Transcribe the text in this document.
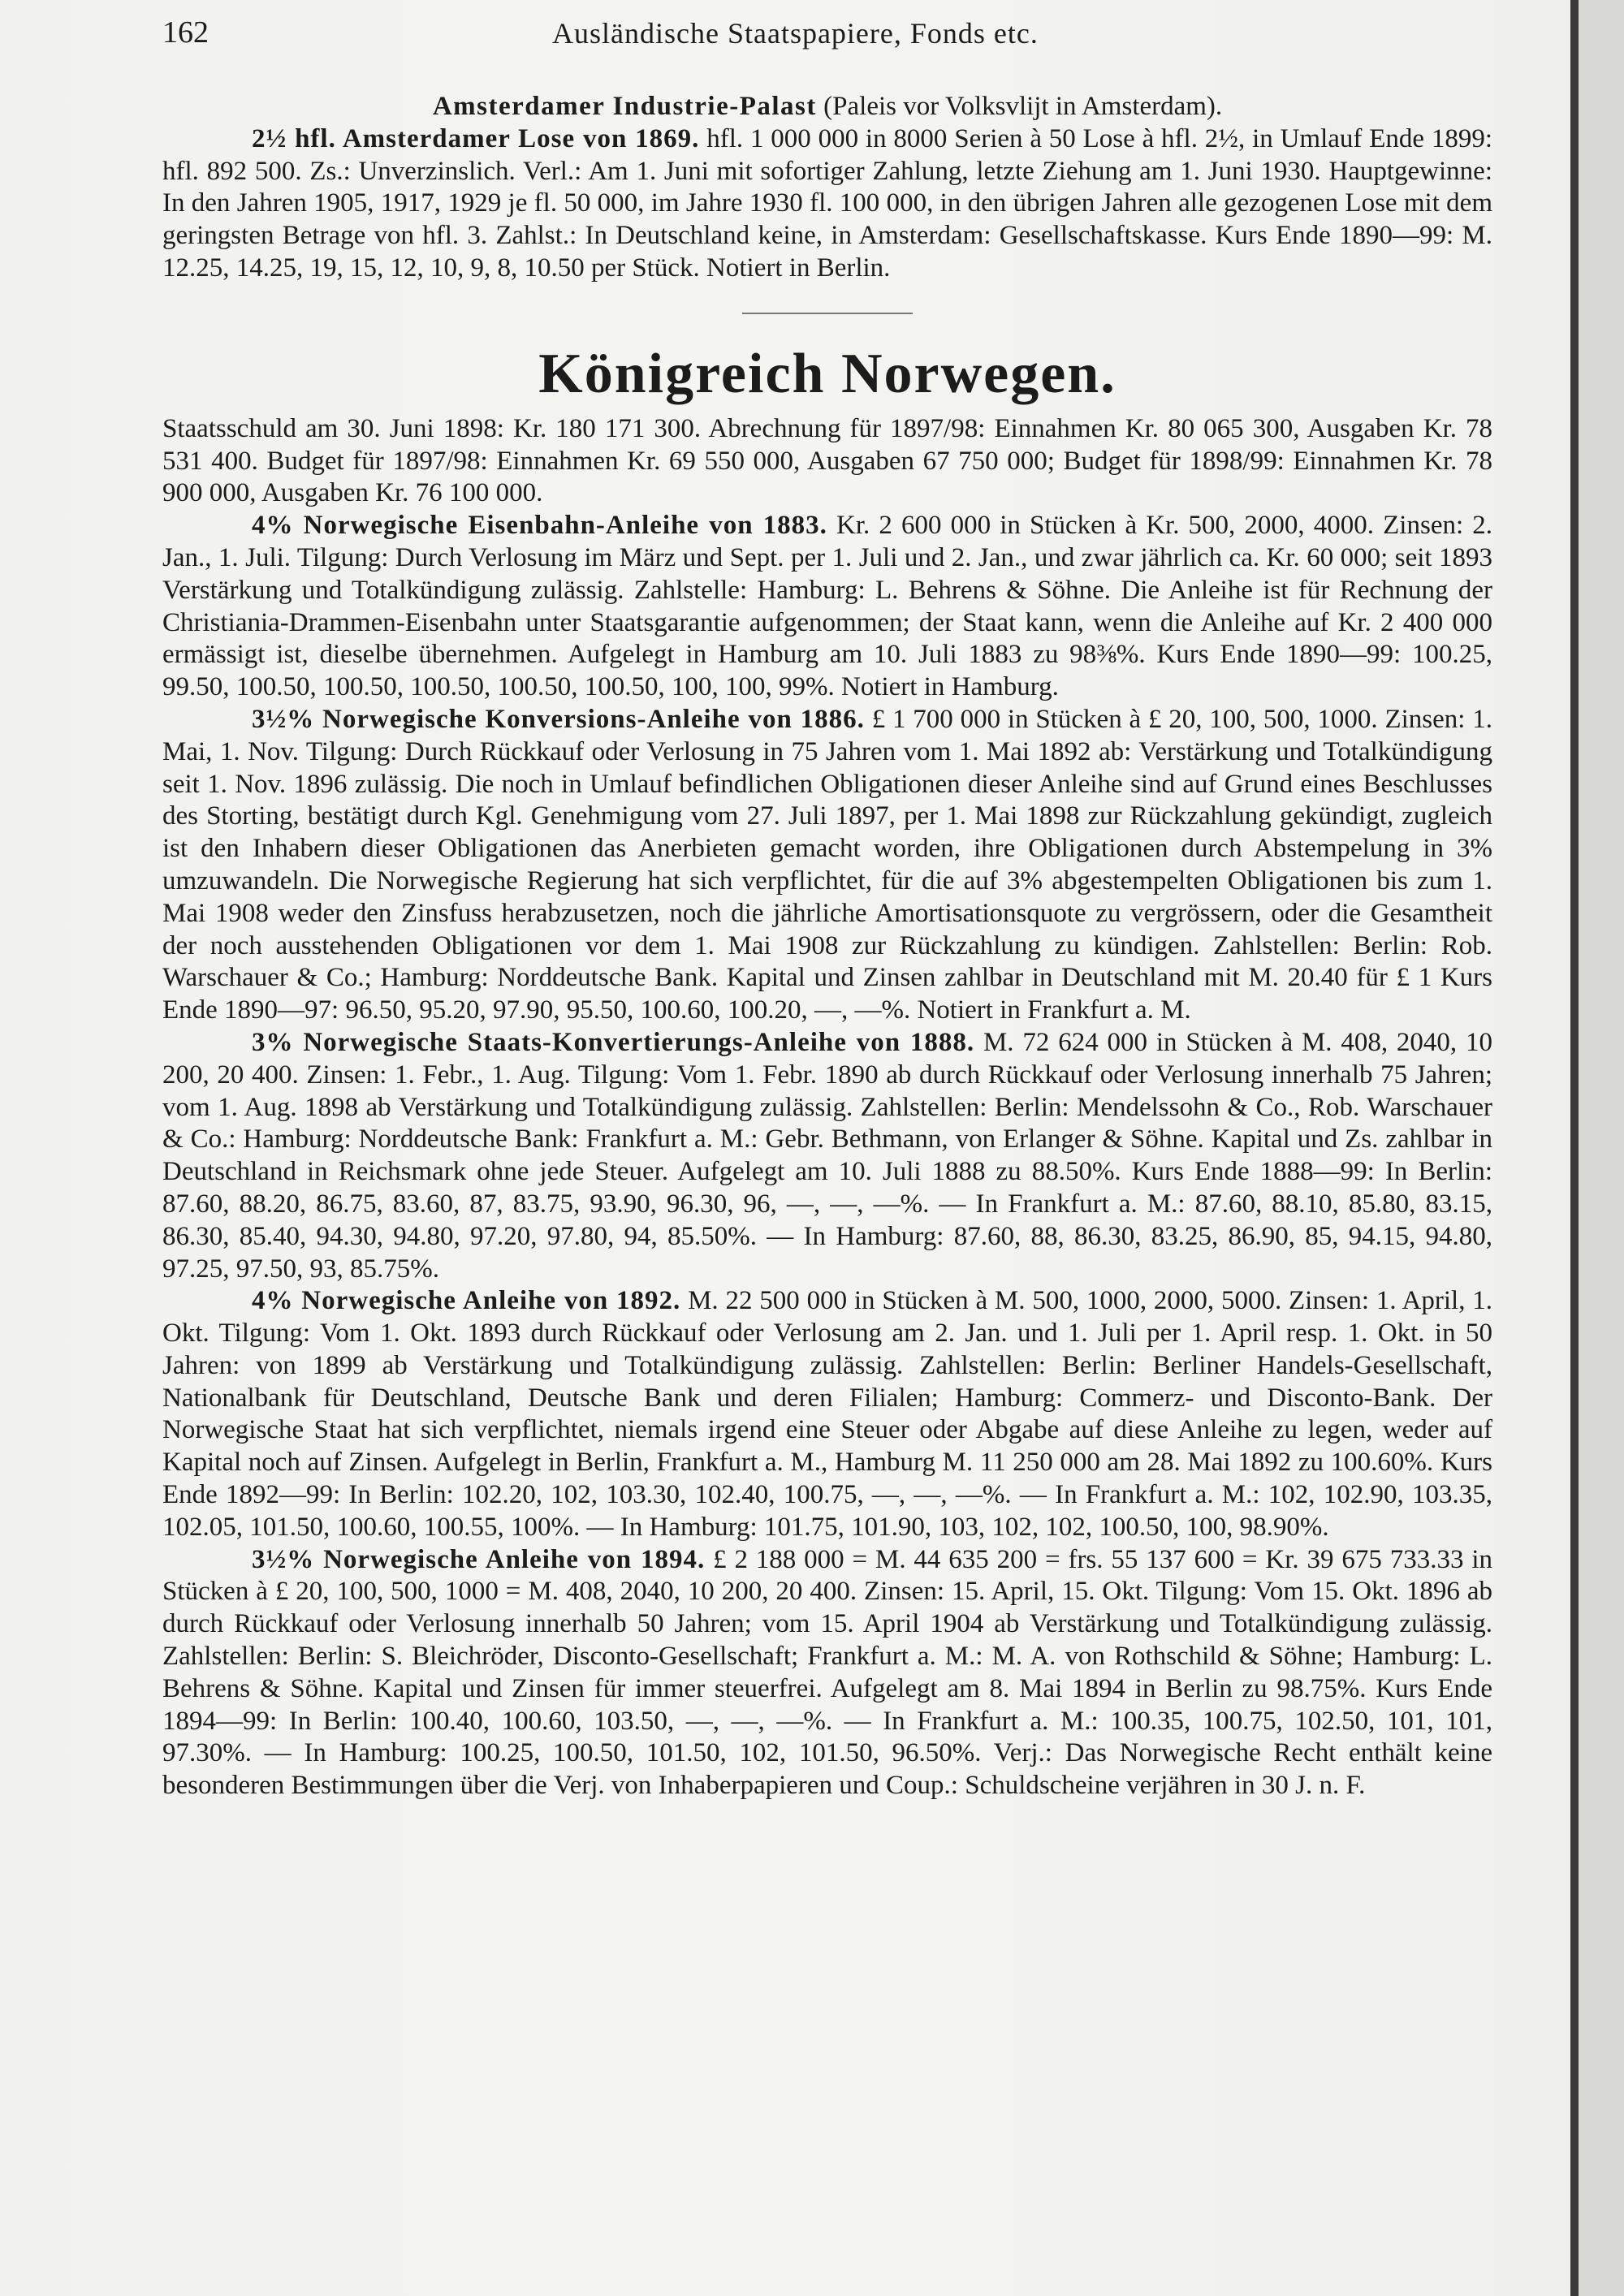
162	Ausländische Staatspapiere, Fonds etc.

Amsterdamer Industrie-Palast (Paleis vor Volksvlijt in Amsterdam).

2½ hfl. Amsterdamer Lose von 1869. hfl. 1 000 000 in 8000 Serien à 50 Lose à hfl. 2½, in Umlauf Ende 1899: hfl. 892 500. Zs.: Unverzinslich. Verl.: Am 1. Juni mit sofortiger Zahlung, letzte Ziehung am 1. Juni 1930. Hauptgewinne: In den Jahren 1905, 1917, 1929 je fl. 50 000, im Jahre 1930 fl. 100 000, in den übrigen Jahren alle gezogenen Lose mit dem geringsten Betrage von hfl. 3. Zahlst.: In Deutschland keine, in Amsterdam: Gesellschaftskasse. Kurs Ende 1890—99: M. 12.25, 14.25, 19, 15, 12, 10, 9, 8, 10.50 per Stück. Notiert in Berlin.

Königreich Norwegen.

Staatsschuld am 30. Juni 1898: Kr. 180 171 300. Abrechnung für 1897/98: Einnahmen Kr. 80 065 300, Ausgaben Kr. 78 531 400. Budget für 1897/98: Einnahmen Kr. 69 550 000, Ausgaben 67 750 000; Budget für 1898/99: Einnahmen Kr. 78 900 000, Ausgaben Kr. 76 100 000.

4% Norwegische Eisenbahn-Anleihe von 1883. Kr. 2 600 000 in Stücken à Kr. 500, 2000, 4000. Zinsen: 2. Jan., 1. Juli. Tilgung: Durch Verlosung im März und Sept. per 1. Juli und 2. Jan., und zwar jährlich ca. Kr. 60 000; seit 1893 Verstärkung und Totalkündigung zulässig. Zahlstelle: Hamburg: L. Behrens & Söhne. Die Anleihe ist für Rechnung der Christiania-Drammen-Eisenbahn unter Staatsgarantie aufgenommen; der Staat kann, wenn die Anleihe auf Kr. 2 400 000 ermässigt ist, dieselbe übernehmen. Aufgelegt in Hamburg am 10. Juli 1883 zu 98⅜%. Kurs Ende 1890—99: 100.25, 99.50, 100.50, 100.50, 100.50, 100.50, 100.50, 100, 100, 99%. Notiert in Hamburg.

3½% Norwegische Konversions-Anleihe von 1886. £ 1 700 000 in Stücken à £ 20, 100, 500, 1000. Zinsen: 1. Mai, 1. Nov. Tilgung: Durch Rückkauf oder Verlosung in 75 Jahren vom 1. Mai 1892 ab: Verstärkung und Totalkündigung seit 1. Nov. 1896 zulässig. Die noch in Umlauf befindlichen Obligationen dieser Anleihe sind auf Grund eines Beschlusses des Storting, bestätigt durch Kgl. Genehmigung vom 27. Juli 1897, per 1. Mai 1898 zur Rückzahlung gekündigt, zugleich ist den Inhabern dieser Obligationen das Anerbieten gemacht worden, ihre Obligationen durch Abstempelung in 3% umzuwandeln. Die Norwegische Regierung hat sich verpflichtet, für die auf 3% abgestempelten Obligationen bis zum 1. Mai 1908 weder den Zinsfuss herabzusetzen, noch die jährliche Amortisationsquote zu vergrössern, oder die Gesamtheit der noch ausstehenden Obligationen vor dem 1. Mai 1908 zur Rückzahlung zu kündigen. Zahlstellen: Berlin: Rob. Warschauer & Co.; Hamburg: Norddeutsche Bank. Kapital und Zinsen zahlbar in Deutschland mit M. 20.40 für £ 1 Kurs Ende 1890—97: 96.50, 95.20, 97.90, 95.50, 100.60, 100.20, —, —%. Notiert in Frankfurt a. M.

3% Norwegische Staats-Konvertierungs-Anleihe von 1888. M. 72 624 000 in Stücken à M. 408, 2040, 10 200, 20 400. Zinsen: 1. Febr., 1. Aug. Tilgung: Vom 1. Febr. 1890 ab durch Rückkauf oder Verlosung innerhalb 75 Jahren; vom 1. Aug. 1898 ab Verstärkung und Totalkündigung zulässig. Zahlstellen: Berlin: Mendelssohn & Co., Rob. Warschauer & Co.: Hamburg: Norddeutsche Bank: Frankfurt a. M.: Gebr. Bethmann, von Erlanger & Söhne. Kapital und Zs. zahlbar in Deutschland in Reichsmark ohne jede Steuer. Aufgelegt am 10. Juli 1888 zu 88.50%. Kurs Ende 1888—99: In Berlin: 87.60, 88.20, 86.75, 83.60, 87, 83.75, 93.90, 96.30, 96, —, —, —%. — In Frankfurt a. M.: 87.60, 88.10, 85.80, 83.15, 86.30, 85.40, 94.30, 94.80, 97.20, 97.80, 94, 85.50%. — In Hamburg: 87.60, 88, 86.30, 83.25, 86.90, 85, 94.15, 94.80, 97.25, 97.50, 93, 85.75%.

4% Norwegische Anleihe von 1892. M. 22 500 000 in Stücken à M. 500, 1000, 2000, 5000. Zinsen: 1. April, 1. Okt. Tilgung: Vom 1. Okt. 1893 durch Rückkauf oder Verlosung am 2. Jan. und 1. Juli per 1. April resp. 1. Okt. in 50 Jahren: von 1899 ab Verstärkung und Totalkündigung zulässig. Zahlstellen: Berlin: Berliner Handels-Gesellschaft, Nationalbank für Deutschland, Deutsche Bank und deren Filialen; Hamburg: Commerz- und Disconto-Bank. Der Norwegische Staat hat sich verpflichtet, niemals irgend eine Steuer oder Abgabe auf diese Anleihe zu legen, weder auf Kapital noch auf Zinsen. Aufgelegt in Berlin, Frankfurt a. M., Hamburg M. 11 250 000 am 28. Mai 1892 zu 100.60%. Kurs Ende 1892—99: In Berlin: 102.20, 102, 103.30, 102.40, 100.75, —, —, —%. — In Frankfurt a. M.: 102, 102.90, 103.35, 102.05, 101.50, 100.60, 100.55, 100%. — In Hamburg: 101.75, 101.90, 103, 102, 102, 100.50, 100, 98.90%.

3½% Norwegische Anleihe von 1894. £ 2 188 000 = M. 44 635 200 = frs. 55 137 600 = Kr. 39 675 733.33 in Stücken à £ 20, 100, 500, 1000 = M. 408, 2040, 10 200, 20 400. Zinsen: 15. April, 15. Okt. Tilgung: Vom 15. Okt. 1896 ab durch Rückkauf oder Verlosung innerhalb 50 Jahren; vom 15. April 1904 ab Verstärkung und Totalkündigung zulässig. Zahlstellen: Berlin: S. Bleichröder, Disconto-Gesellschaft; Frankfurt a. M.: M. A. von Rothschild & Söhne; Hamburg: L. Behrens & Söhne. Kapital und Zinsen für immer steuerfrei. Aufgelegt am 8. Mai 1894 in Berlin zu 98.75%. Kurs Ende 1894—99: In Berlin: 100.40, 100.60, 103.50, —, —, —%. — In Frankfurt a. M.: 100.35, 100.75, 102.50, 101, 101, 97.30%. — In Hamburg: 100.25, 100.50, 101.50, 102, 101.50, 96.50%. Verj.: Das Norwegische Recht enthält keine besonderen Bestimmungen über die Verj. von Inhaberpapieren und Coup.: Schuldscheine verjähren in 30 J. n. F.
